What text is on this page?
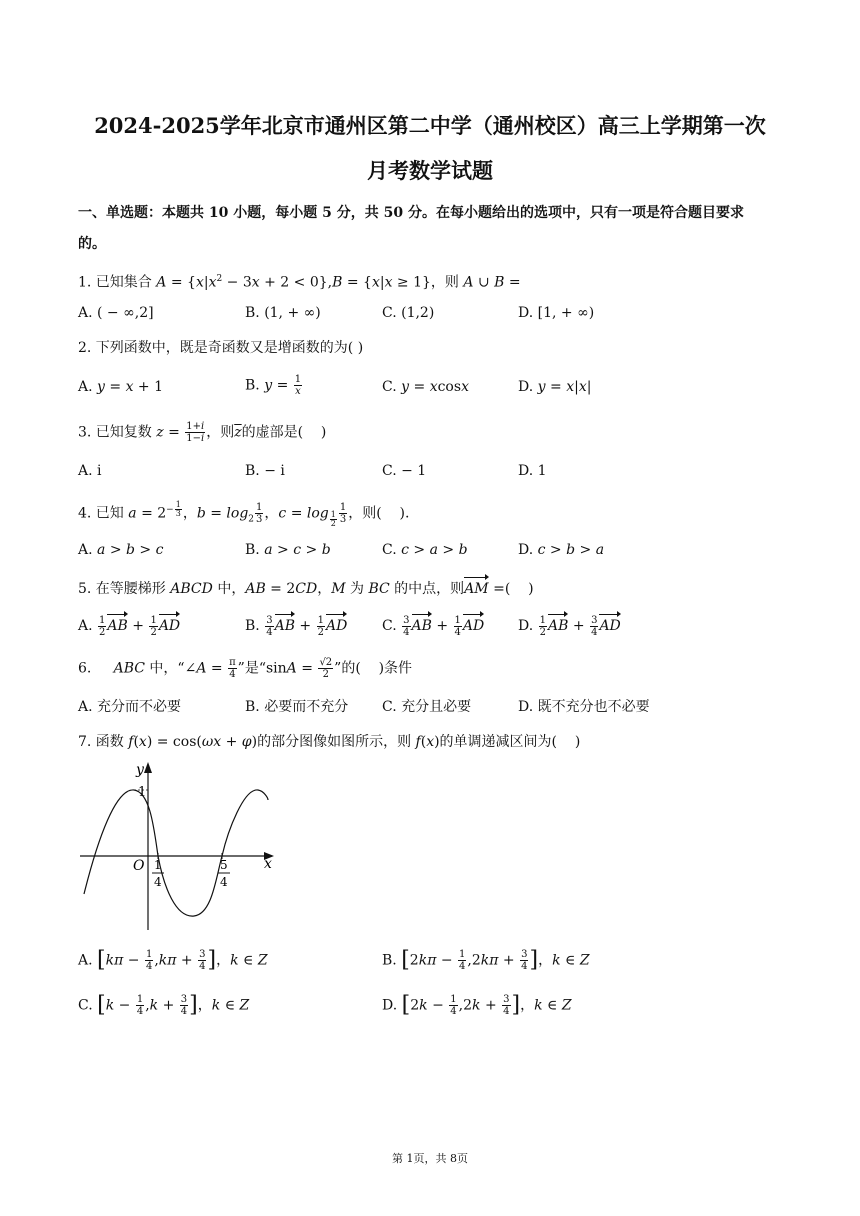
2024-2025学年北京市通州区第二中学（通州校区）高三上学期第一次
月考数学试题
一、单选题：本题共 10 小题，每小题 5 分，共 50 分。在每小题给出的选项中，只有一项是符合题目要求
的。
1. 已知集合 $A = \{x|x^2 - 3x + 2 < 0\},B = \{x|x \ge 1\}$，则 A ∪ B =
A. ( − ∞,2]	B. (1, + ∞)	C. (1,2)	D. [1, + ∞)
2. 下列函数中，既是奇函数又是增函数的为( )
A. y = x + 1	B. $y = \frac{1}{x}$	C. y = xcosx	D. y = x|x|
3. 已知复数 $z = \frac{1+i}{1-i}$ ，则$\overline{z}$的虚部是(    )
A. i	B. − i	C. − 1	D. 1
4. 已知 $a = 2^{- \frac{1}{3}}$ ，$b = \log_2 \frac{1}{3}$ ，$c = \log _{\frac{1}{2}} \frac{1}{3}$ ，则(    ).
A. a > b > c	B. a > c > b	C. c > a > b	D. c > b > a
5. 在等腰梯形 ABCD 中，AB = 2CD，M 为 BC 的中点，则AM =(    )
A. $\frac{1}{2}$ AB + $\frac{1}{2}$ AD	B. $\frac{3}{4}$ AB + $\frac{1}{2}$ AD C. $\frac{3}{4}$ AB + $\frac{1}{4}$ AD D. $\frac{1}{2}$ AB + $\frac{3}{4}$ AD
6.     ABC 中，“∠A = $\frac{\pi}{4}$ ”是“$\sin A = \frac{√2}{2}$ ”的(    )条件
A. 充分而不必要	B. 必要而不充分 C. 充分且必要	D. 既不充分也不必要
7. 函数 f(x) = cos(ωx + φ)的部分图像如图所示，则 f(x)的单调递减区间为(    )
y
x
O
1
1
4
5
4
A. [$k\pi - \frac{1}{4} ,k\pi + \frac{3}{4}$ ]，k ∈ Z	B. [$2k\pi - \frac{1}{4} ,2k\pi + \frac{3}{4}$ ]，k ∈ Z
C. [$k - \frac{1}{4} ,k + \frac{3}{4}$ ]，k ∈ Z	D. [$2k - \frac{1}{4} ,2k + \frac{3}{4}$ ]，k ∈ Z
第 1页，共 8页
